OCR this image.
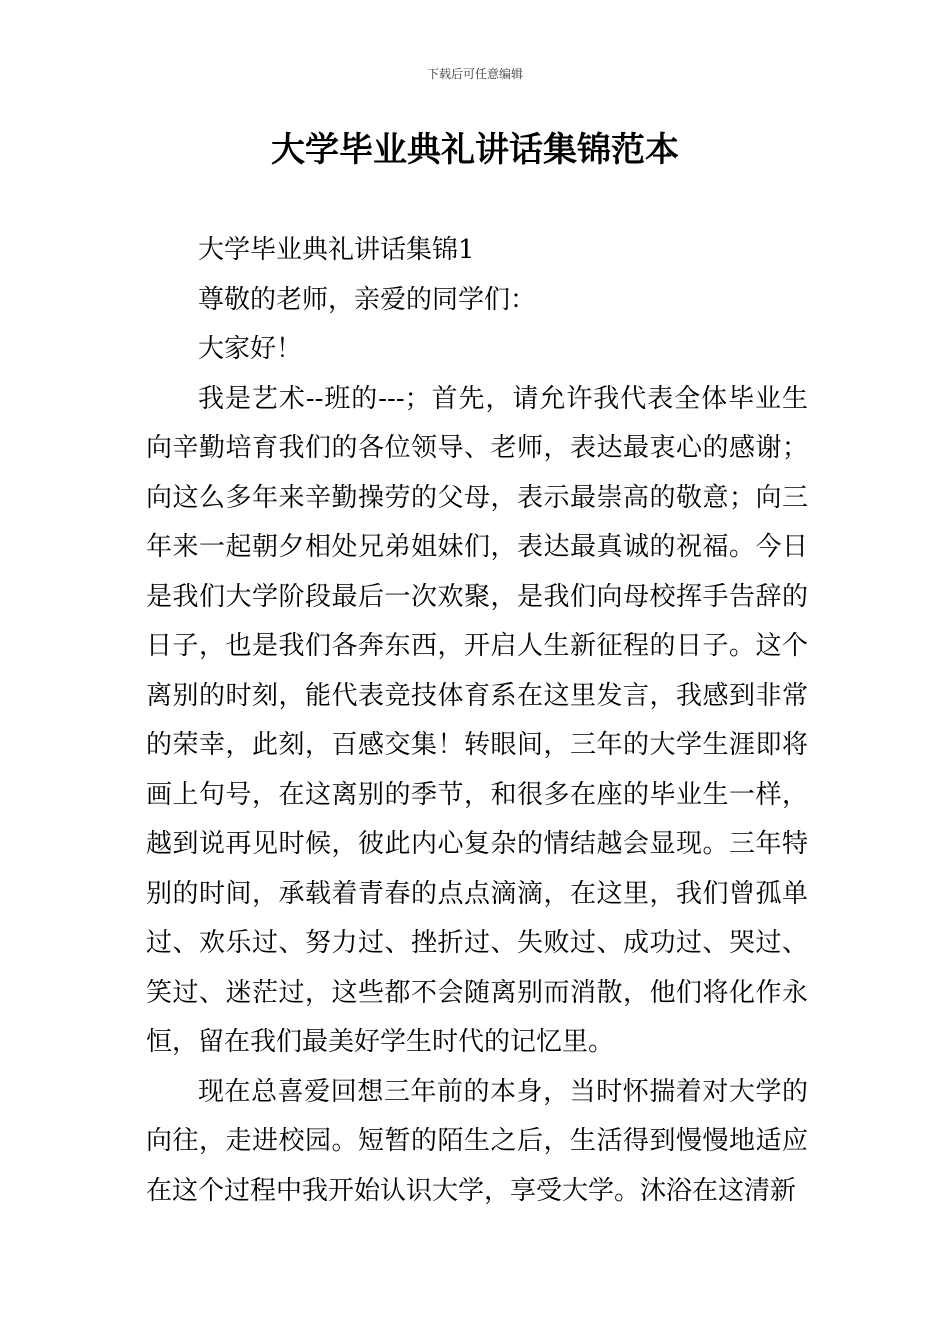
下载后可任意编辑
大学毕业典礼讲话集锦范本

大学毕业典礼讲话集锦1

尊敬的老师，亲爱的同学们：

大家好！

我是艺术--班的---；首先，请允许我代表全体毕业生向辛勤培育我们的各位领导、老师，表达最衷心的感谢；向这么多年来辛勤操劳的父母，表示最崇高的敬意；向三年来一起朝夕相处兄弟姐妹们，表达最真诚的祝福。今日是我们大学阶段最后一次欢聚，是我们向母校挥手告辞的日子，也是我们各奔东西，开启人生新征程的日子。这个离别的时刻，能代表竞技体育系在这里发言，我感到非常的荣幸，此刻，百感交集！转眼间，三年的大学生涯即将画上句号，在这离别的季节，和很多在座的毕业生一样，越到说再见时候，彼此内心复杂的情结越会显现。三年特别的时间，承载着青春的点点滴滴，在这里，我们曾孤单过、欢乐过、努力过、挫折过、失败过、成功过、哭过、笑过、迷茫过，这些都不会随离别而消散，他们将化作永恒，留在我们最美好学生时代的记忆里。

现在总喜爱回想三年前的本身，当时怀揣着对大学的向往，走进校园。短暂的陌生之后，生活得到慢慢地适应在这个过程中我开始认识大学，享受大学。沐浴在这清新
